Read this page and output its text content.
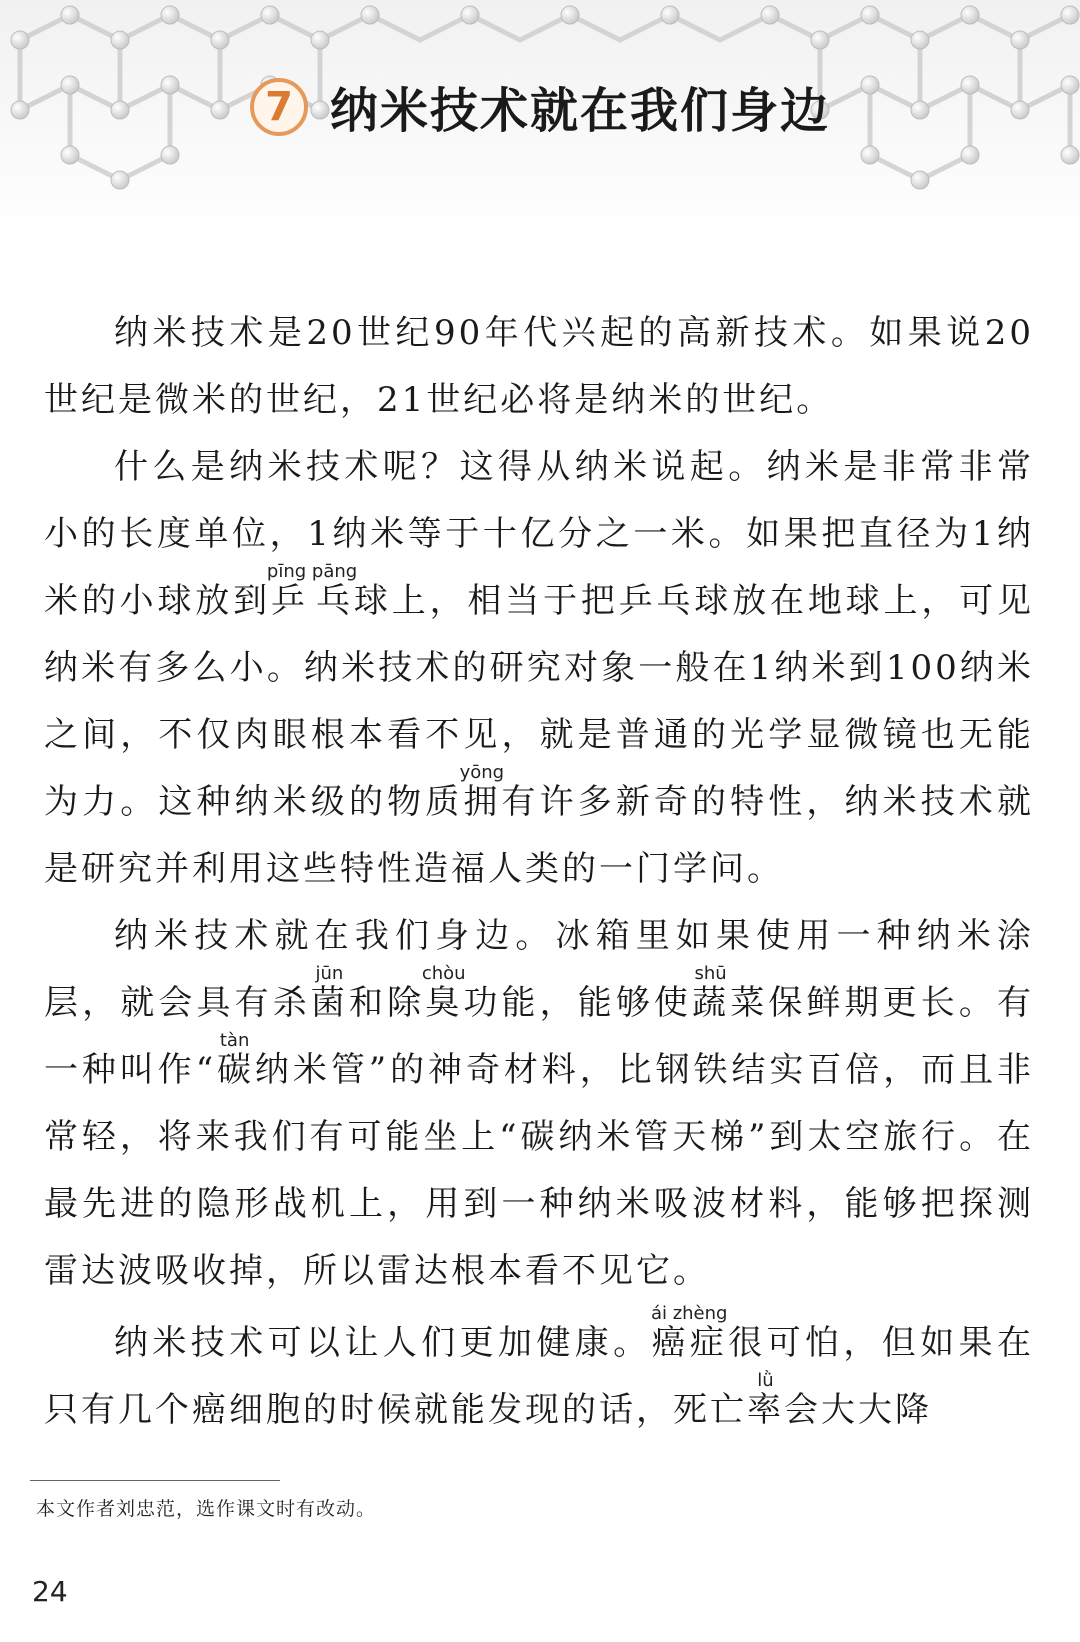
7 纳米技术就在我们身边

纳米技术是20世纪90年代兴起的高新技术。如果说20世纪是微米的世纪，21世纪必将是纳米的世纪。

什么是纳米技术呢？这得从纳米说起。纳米是非常非常小的长度单位，1纳米等于十亿分之一米。如果把直径为1纳米的小球放到乒乓pīng pāng球上，相当于把乒乓球放在地球上，可见纳米有多么小。纳米技术的研究对象一般在1纳米到100纳米之间，不仅肉眼根本看不见，就是普通的光学显微镜也无能为力。这种纳米级的物质拥yōng有许多新奇的特性，纳米技术就是研究并利用这些特性造福人类的一门学问。

纳米技术就在我们身边。冰箱里如果使用一种纳米涂层，就会具有杀菌jūn和除臭chòu功能，能够使蔬shū菜保鲜期更长。有一种叫作“碳tàn纳米管”的神奇材料，比钢铁结实百倍，而且非常轻，将来我们有可能坐上“碳纳米管天梯”到太空旅行。在最先进的隐形战机上，用到一种纳米吸波材料，能够把探测雷达波吸收掉，所以雷达根本看不见它。

纳米技术可以让人们更加健康。癌症ái zhèng很可怕，但如果在只有几个癌细胞的时候就能发现的话，死亡率lǜ会大大降

本文作者刘忠范，选作课文时有改动。
24
